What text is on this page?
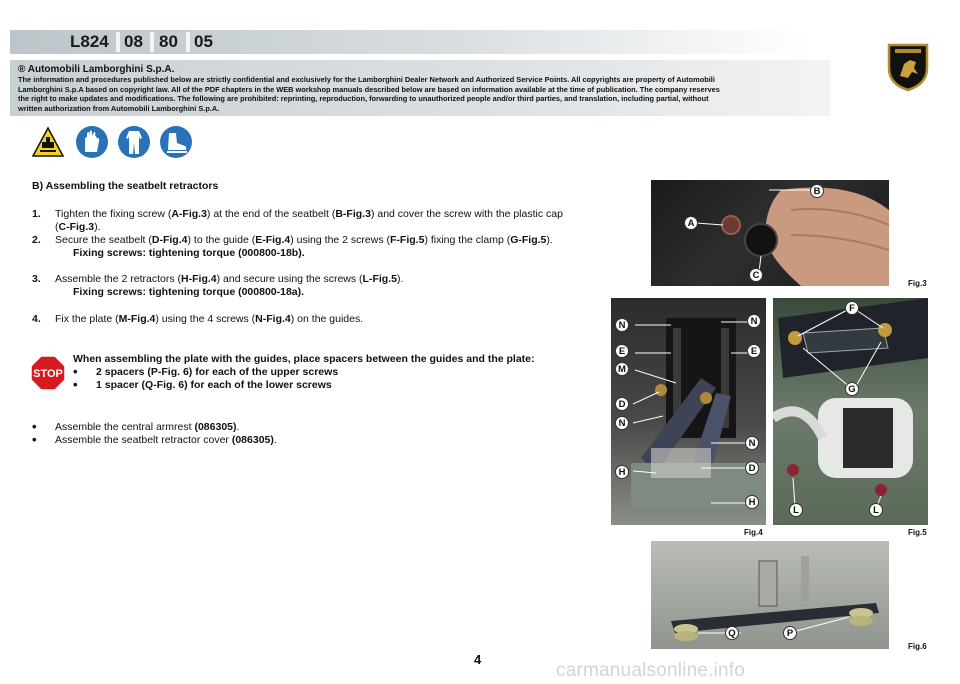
L824 08 80 05
® Automobili Lamborghini S.p.A.
The information and procedures published below are strictly confidential and exclusively for the Lamborghini Dealer Network and Authorized Service Points. All copyrights are property of Automobili
Lamborghini S.p.A based on copyright law. All of the PDF chapters in the WEB workshop manuals described below are based on information available at the time of publication. The company reserves
the right to make updates and modifications. The following are prohibited: reprinting, reproduction, forwarding to unauthorized people and/or third parties, and translation, including partial, without
written authorization from Automobili Lamborghini S.p.A.
B) Assembling the seatbelt retractors
1. Tighten the fixing screw (A-Fig.3) at the end of the seatbelt (B-Fig.3) and cover the screw with the plastic cap
(C-Fig.3).
2. Secure the seatbelt (D-Fig.4) to the guide (E-Fig.4) using the 2 screws (F-Fig.5) fixing the clamp (G-Fig.5).
Fixing screws: tightening torque (000800-18b).
3. Assemble the 2 retractors (H-Fig.4) and secure using the screws (L-Fig.5).
Fixing screws: tightening torque (000800-18a).
4. Fix the plate (M-Fig.4) using the 4 screws (N-Fig.4) on the guides.
STOP
When assembling the plate with the guides, place spacers between the guides and the plate:
• 2 spacers (P-Fig. 6) for each of the upper screws
• 1 spacer (Q-Fig. 6) for each of the lower screws
• Assemble the central armrest (086305).
• Assemble the seatbelt retractor cover (086305).
B
A
C
Fig.3
N	N
E	E
M
D
N
N
D
H
H
Fig.4
F
G
L	L
Fig.5
Q	P
Fig.6
4
carmanualsonline.info
